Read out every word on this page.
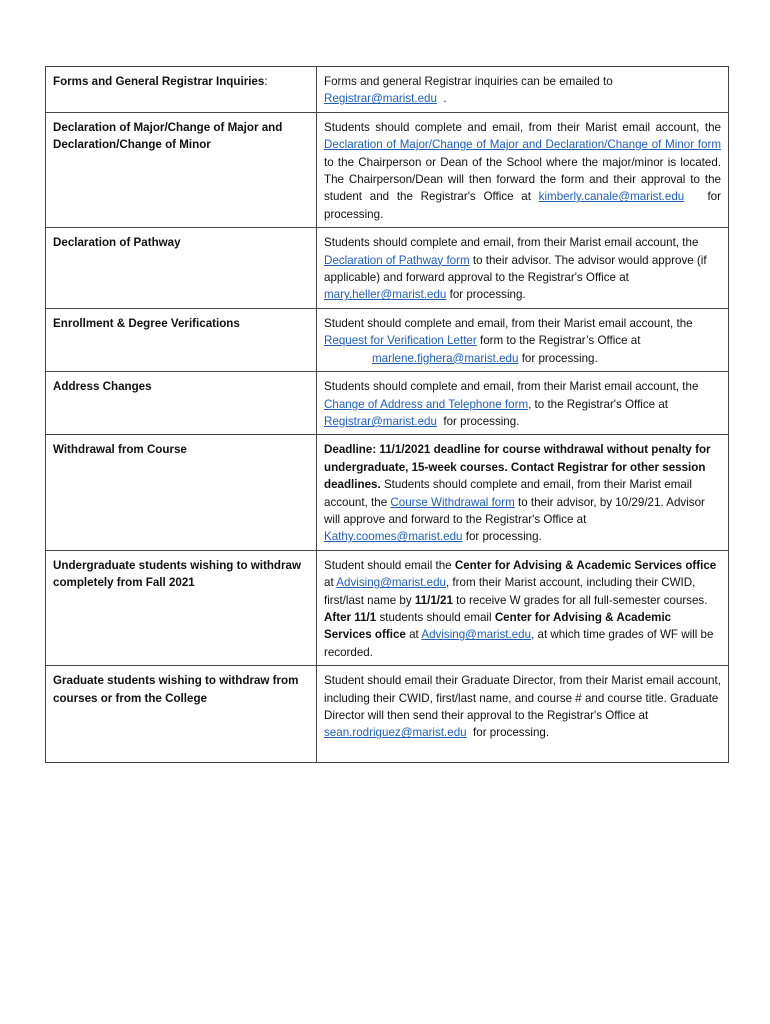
Forms and General Registrar Inquiries:	Forms and general Registrar inquiries can be emailed to
Registrar@marist.edu .
Declaration of Major/Change of Major and Declaration/Change of Minor	Students should complete and email, from their Marist email account, the Declaration of Major/Change of Major and Declaration/Change of Minor form to the Chairperson or Dean of the School where the major/minor is located. The Chairperson/Dean will then forward the form and their approval to the student and the Registrar's Office at kimberly.canale@marist.edu for processing.
Declaration of Pathway	Students should complete and email, from their Marist email account, the Declaration of Pathway form to their advisor. The advisor would approve (if applicable) and forward approval to the Registrar's Office at mary.heller@marist.edu for processing.
Enrollment & Degree Verifications	Student should complete and email, from their Marist email account, the Request for Verification Letter form to the Registrar’s Office at
marlene.fighera@marist.edu for processing.
Address Changes	Students should complete and email, from their Marist email account, the Change of Address and Telephone form, to the Registrar's Office at  Registrar@marist.edu for processing.
Withdrawal from Course	Deadline: 11/1/2021 deadline for course withdrawal without penalty for undergraduate, 15-week courses. Contact Registrar for other session deadlines. Students should complete and email, from their Marist email account, the Course Withdrawal form to their advisor, by 10/29/21. Advisor will approve and forward to the Registrar's Office at Kathy.coomes@marist.edu for processing.
Undergraduate students wishing to withdraw completely from Fall 2021	Student should email the Center for Advising & Academic Services office at Advising@marist.edu, from their Marist account, including their CWID, first/last name by 11/1/21 to receive W grades for all full-semester courses. After 11/1 students should email Center for Advising & Academic Services office at Advising@marist.edu, at which time grades of WF will be recorded.
Graduate students wishing to withdraw from courses or from the College	Student should email their Graduate Director, from their Marist email account, including their CWID, first/last name, and course # and course title. Graduate Director will then send their approval to the Registrar's Office at sean.rodriguez@marist.edu for processing.
